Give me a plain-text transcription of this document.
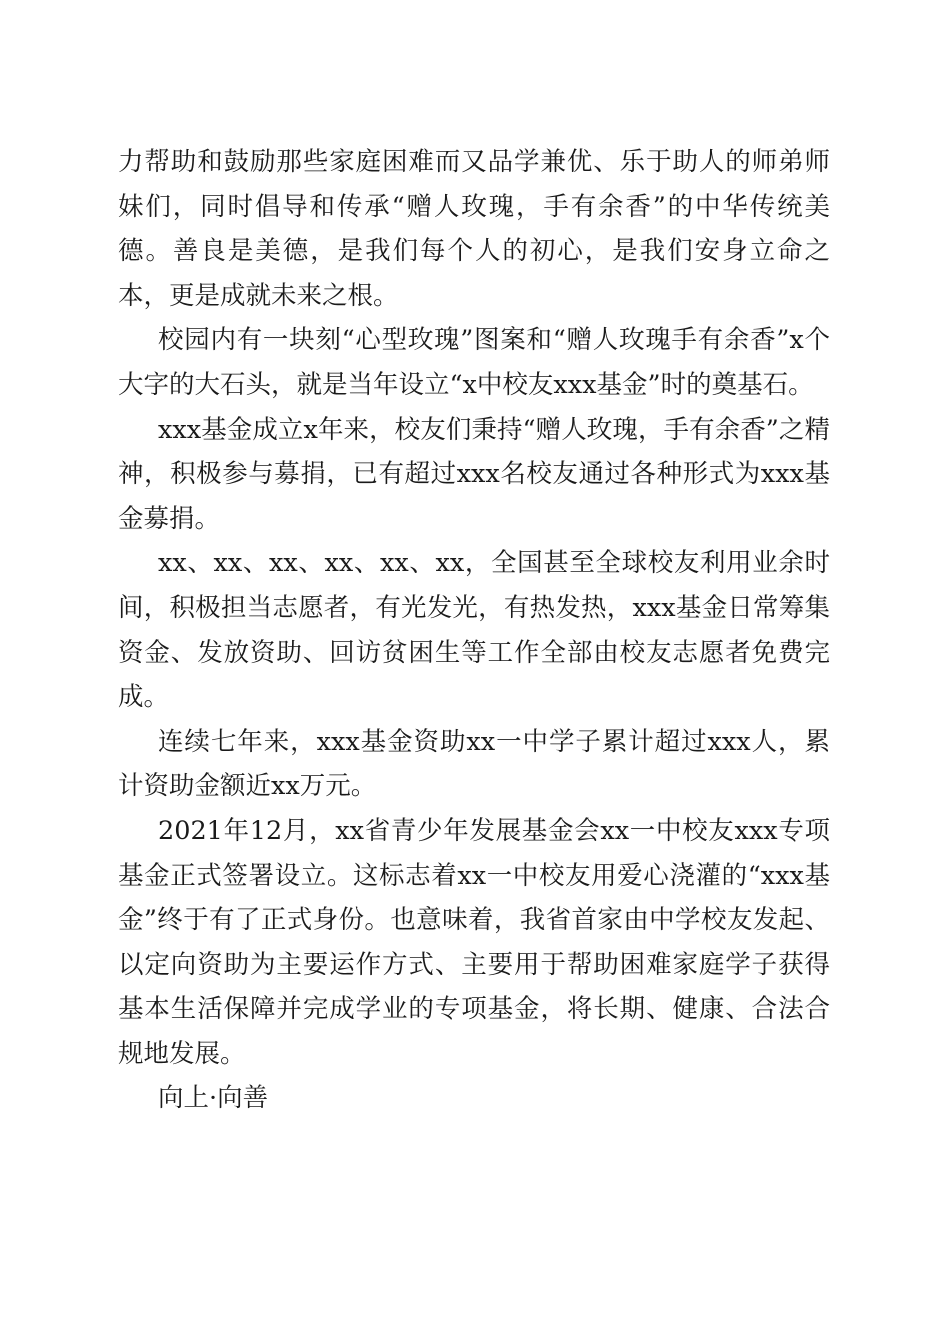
力帮助和鼓励那些家庭困难而又品学兼优、乐于助人的师弟师妹们，同时倡导和传承“赠人玫瑰，手有余香”的中华传统美德。善良是美德，是我们每个人的初心，是我们安身立命之本，更是成就未来之根。

校园内有一块刻“心型玫瑰”图案和“赠人玫瑰手有余香”x个大字的大石头，就是当年设立“x中校友xxx基金”时的奠基石。

xxx基金成立x年来，校友们秉持“赠人玫瑰，手有余香”之精神，积极参与募捐，已有超过xxx名校友通过各种形式为xxx基金募捐。

xx、xx、xx、xx、xx、xx，全国甚至全球校友利用业余时间，积极担当志愿者，有光发光，有热发热，xxx基金日常筹集资金、发放资助、回访贫困生等工作全部由校友志愿者免费完成。

连续七年来，xxx基金资助xx一中学子累计超过xxx人，累计资助金额近xx万元。

2021年12月，xx省青少年发展基金会xx一中校友xxx专项基金正式签署设立。这标志着xx一中校友用爱心浇灌的“xxx基金”终于有了正式身份。也意味着，我省首家由中学校友发起、以定向资助为主要运作方式、主要用于帮助困难家庭学子获得基本生活保障并完成学业的专项基金，将长期、健康、合法合规地发展。

向上·向善
